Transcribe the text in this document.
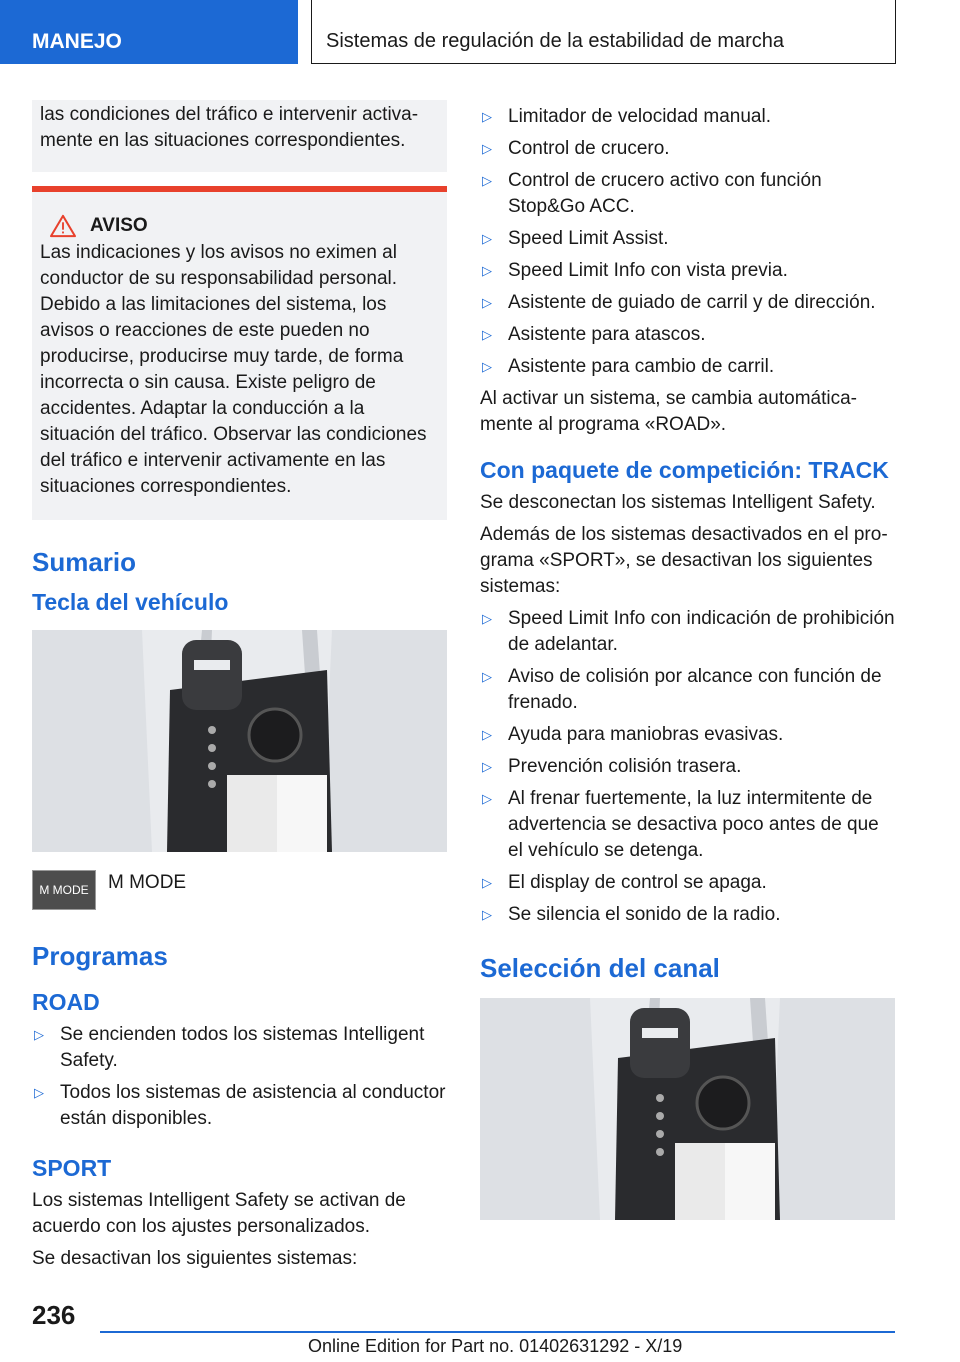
MANEJO	Sistemas de regulación de la estabilidad de marcha
las condiciones del tráfico e intervenir activamente en las situaciones correspondientes.
AVISO
Las indicaciones y los avisos no eximen al conductor de su responsabilidad personal. Debido a las limitaciones del sistema, los avisos o reacciones de este pueden no producirse, producirse muy tarde, de forma incorrecta o sin causa. Existe peligro de accidentes. Adaptar la conducción a la situación del tráfico. Observar las condiciones del tráfico e intervenir activamente en las situaciones correspondientes.
Sumario
Tecla del vehículo
M MODE	M MODE
Programas
ROAD
▷ Se encienden todos los sistemas Intelligent Safety.
▷ Todos los sistemas de asistencia al conductor están disponibles.
SPORT

Los sistemas Intelligent Safety se activan de acuerdo con los ajustes personalizados.

Se desactivan los siguientes sistemas:

▷ Limitador de velocidad manual.
▷ Control de crucero.
▷ Control de crucero activo con función Stop&Go ACC.
▷ Speed Limit Assist.
▷ Speed Limit Info con vista previa.
▷ Asistente de guiado de carril y de dirección.
▷ Asistente para atascos.
▷ Asistente para cambio de carril.

Al activar un sistema, se cambia automáticamente al programa «ROAD».

Con paquete de competición: TRACK

Se desconectan los sistemas Intelligent Safety.

Además de los sistemas desactivados en el programa «SPORT», se desactivan los siguientes sistemas:

▷ Speed Limit Info con indicación de prohibición de adelantar.
▷ Aviso de colisión por alcance con función de frenado.
▷ Ayuda para maniobras evasivas.
▷ Prevención colisión trasera.
▷ Al frenar fuertemente, la luz intermitente de advertencia se desactiva poco antes de que el vehículo se detenga.
▷ El display de control se apaga.
▷ Se silencia el sonido de la radio.
Selección del canal
236
Online Edition for Part no. 01402631292 - X/19
